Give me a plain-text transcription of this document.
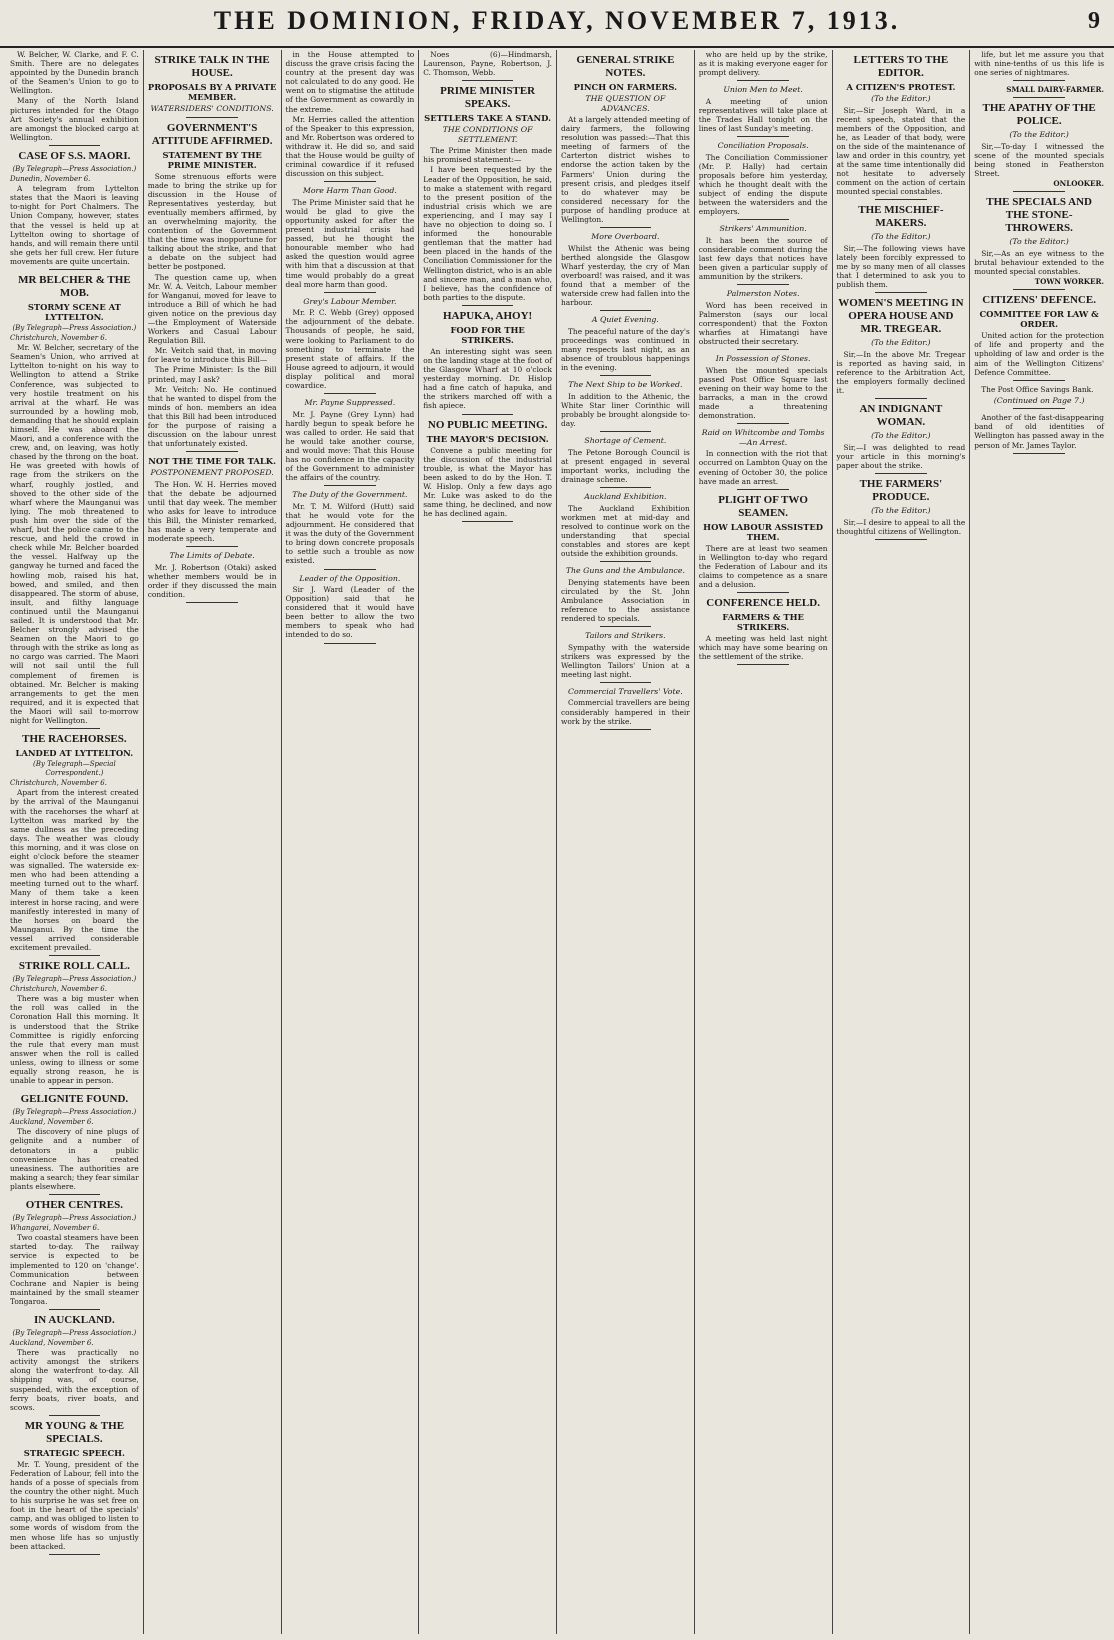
THE DOMINION, FRIDAY, NOVEMBER 7, 1913.	9

W. Belcher, W. Clarke, and F. C. Smith. There are no delegates appointed by the Dunedin branch of the Seamen's Union to go to Wellington.

Many of the North Island pictures intended for the Otago Art Society's annual exhibition are amongst the blocked cargo at Wellington.

CASE OF S.S. MAORI.
(By Telegraph—Press Association.)
Dunedin, November 6.

A telegram from Lyttelton states that the Maori is leaving to-night for Port Chalmers. The Union Company, however, states that the vessel is held up at Lyttelton owing to shortage of hands, and will remain there until she gets her full crew. Her future movements are quite uncertain.

MR BELCHER & THE MOB.
STORMY SCENE AT LYTTELTON.
(By Telegraph—Press Association.)
Christchurch, November 6.

Mr. W. Belcher, secretary of the Seamen's Union, who arrived at Lyttelton to-night on his way to Wellington to attend a Strike Conference, was subjected to very hostile treatment on his arrival at the wharf. He was surrounded by a howling mob, demanding that he should explain himself. He was aboard the Maori, and a conference with the crew, and, on leaving, was hotly chased by the throng on the boat. He was greeted with howls of rage from the strikers on the wharf, roughly jostled, and shoved to the other side of the wharf where the Maunganui was lying. The mob threatened to push him over the side of the wharf, but the police came to the rescue, and held the crowd in check while Mr. Belcher boarded the vessel. Halfway up the gangway he turned and faced the howling mob, raised his hat, bowed, and smiled, and then disappeared. The storm of abuse, insult, and filthy language continued until the Maunganui sailed. It is understood that Mr. Belcher strongly advised the Seamen on the Maori to go through with the strike as long as no cargo was carried. The Maori will not sail until the full complement of firemen is obtained. Mr. Belcher is making arrangements to get the men required, and it is expected that the Maori will sail to-morrow night for Wellington.

THE RACEHORSES.
LANDED AT LYTTELTON.
(By Telegraph—Special Correspondent.)
Christchurch, November 6.

Apart from the interest created by the arrival of the Maunganui with the racehorses the wharf at Lyttelton was marked by the same dullness as the preceding days. The weather was cloudy this morning, and it was close on eight o'clock before the steamer was signalled. The waterside ex-men who had been attending a meeting turned out to the wharf. Many of them take a keen interest in horse racing, and were manifestly interested in many of the horses on board the Maunganui. By the time the vessel arrived considerable excitement prevailed.

STRIKE ROLL CALL.
(By Telegraph—Press Association.)
Christchurch, November 6.

There was a big muster when the roll was called in the Coronation Hall this morning. It is understood that the Strike Committee is rigidly enforcing the rule that every man must answer when the roll is called unless, owing to illness or some equally strong reason, he is unable to appear in person.

GELIGNITE FOUND.
(By Telegraph—Press Association.)
Auckland, November 6.

The discovery of nine plugs of gelignite and a number of detonators in a public convenience has created uneasiness. The authorities are making a search; they fear similar plants elsewhere.

OTHER CENTRES.
(By Telegraph—Press Association.)
Whangarei, November 6.

Two coastal steamers have been started to-day. The railway service is expected to be implemented to 120 on 'change'. Communication between Cochrane and Napier is being maintained by the small steamer Tongaroa.

IN AUCKLAND.
(By Telegraph—Press Association.)
Auckland, November 6.

There was practically no activity amongst the strikers along the waterfront to-day. All shipping was, of course, suspended, with the exception of ferry boats, river boats, and scows.

MR YOUNG & THE SPECIALS.
STRATEGIC SPEECH.

Mr. T. Young, president of the Federation of Labour, fell into the hands of a posse of specials from the country the other night. Much to his surprise he was set free on foot in the heart of the specials' camp, and was obliged to listen to some words of wisdom from the men whose life has so unjustly been attacked.

STRIKE TALK IN THE HOUSE.
PROPOSALS BY A PRIVATE MEMBER.
WATERSIDERS' CONDITIONS.
GOVERNMENT'S ATTITUDE AFFIRMED.
STATEMENT BY THE PRIME MINISTER.

Some strenuous efforts were made to bring the strike up for discussion in the House of Representatives yesterday, but eventually members affirmed, by an overwhelming majority, the contention of the Government that the time was inopportune for talking about the strike, and that a debate on the subject had better be postponed.

The question came up, when Mr. W. A. Veitch, Labour member for Wanganui, moved for leave to introduce a Bill of which he had given notice on the previous day—the Employment of Waterside Workers and Casual Labour Regulation Bill.

Mr. Veitch said that, in moving for leave to introduce this Bill—

The Prime Minister: Is the Bill printed, may I ask?

Mr. Veitch: No. He continued that he wanted to dispel from the minds of hon. members an idea that this Bill had been introduced for the purpose of raising a discussion on the labour unrest that unfortunately existed.

NOT THE TIME FOR TALK.
POSTPONEMENT PROPOSED.

The Hon. W. H. Herries moved that the debate be adjourned until that day week. The member who asks for leave to introduce this Bill, the Minister remarked, has made a very temperate and moderate speech.

The Limits of Debate.

Mr. J. Robertson (Otaki) asked whether members would be in order if they discussed the main condition.

in the House attempted to discuss the grave crisis facing the country at the present day was not calculated to do any good. He went on to stigmatise the attitude of the Government as cowardly in the extreme.

Mr. Herries called the attention of the Speaker to this expression, and Mr. Robertson was ordered to withdraw it. He did so, and said that the House would be guilty of criminal cowardice if it refused discussion on this subject.

More Harm Than Good.

The Prime Minister said that he would be glad to give the opportunity asked for after the present industrial crisis had passed, but he thought the honourable member who had asked the question would agree with him that a discussion at that time would probably do a great deal more harm than good.

Grey's Labour Member.

Mr. P. C. Webb (Grey) opposed the adjournment of the debate. Thousands of people, he said, were looking to Parliament to do something to terminate the present state of affairs. If the House agreed to adjourn, it would display political and moral cowardice.

Mr. Payne Suppressed.

Mr. J. Payne (Grey Lynn) had hardly begun to speak before he was called to order. He said that he would take another course, and would move: That this House has no confidence in the capacity of the Government to administer the affairs of the country.

The Duty of the Government.

Mr. T. M. Wilford (Hutt) said that he would vote for the adjournment. He considered that it was the duty of the Government to bring down concrete proposals to settle such a trouble as now existed.

Leader of the Opposition.

Sir J. Ward (Leader of the Opposition) said that he considered that it would have been better to allow the two members to speak who had intended to do so.

Noes (6)—Hindmarsh, Laurenson, Payne, Robertson, J. C. Thomson, Webb.

PRIME MINISTER SPEAKS.
SETTLERS TAKE A STAND.
THE CONDITIONS OF SETTLEMENT.

The Prime Minister then made his promised statement:—

I have been requested by the Leader of the Opposition, he said, to make a statement with regard to the present position of the industrial crisis which we are experiencing, and I may say I have no objection to doing so. I informed the honourable gentleman that the matter had been placed in the hands of the Conciliation Commissioner for the Wellington district, who is an able and sincere man, and a man who, I believe, has the confidence of both parties to the dispute.

HAPUKA, AHOY!
FOOD FOR THE STRIKERS.

An interesting sight was seen on the landing stage at the foot of the Glasgow Wharf at 10 o'clock yesterday morning. Dr. Hislop had a fine catch of hapuka, and the strikers marched off with a fish apiece.

NO PUBLIC MEETING.
THE MAYOR'S DECISION.

Convene a public meeting for the discussion of the industrial trouble, is what the Mayor has been asked to do by the Hon. T. W. Hislop. Only a few days ago Mr. Luke was asked to do the same thing, he declined, and now he has declined again.

GENERAL STRIKE NOTES.
PINCH ON FARMERS.
THE QUESTION OF ADVANCES.

At a largely attended meeting of dairy farmers, the following resolution was passed:—That this meeting of farmers of the Carterton district wishes to endorse the action taken by the Farmers' Union during the present crisis, and pledges itself to do whatever may be considered necessary for the purpose of handling produce at Wellington.

More Overboard.

Whilst the Athenic was being berthed alongside the Glasgow Wharf yesterday, the cry of Man overboard! was raised, and it was found that a member of the waterside crew had fallen into the harbour.

A Quiet Evening.

The peaceful nature of the day's proceedings was continued in many respects last night, as an absence of troublous happenings in the evening.

The Next Ship to be Worked.

In addition to the Athenic, the White Star liner Corinthic will probably be brought alongside to-day.

Shortage of Cement.

The Petone Borough Council is at present engaged in several important works, including the drainage scheme.

Auckland Exhibition.

The Auckland Exhibition workmen met at mid-day and resolved to continue work on the understanding that special constables and stores are kept outside the exhibition grounds.

The Guns and the Ambulance.

Denying statements have been circulated by the St. John Ambulance Association in reference to the assistance rendered to specials.

Tailors and Strikers.

Sympathy with the waterside strikers was expressed by the Wellington Tailors' Union at a meeting last night.

Commercial Travellers' Vote.

Commercial travellers are being considerably hampered in their work by the strike.

who are held up by the strike, as it is making everyone eager for prompt delivery.

Union Men to Meet.

A meeting of union representatives will take place at the Trades Hall tonight on the lines of last Sunday's meeting.

Conciliation Proposals.

The Conciliation Commissioner (Mr. P. Hally) had certain proposals before him yesterday, which he thought dealt with the subject of ending the dispute between the watersiders and the employers.

Strikers' Ammunition.

It has been the source of considerable comment during the last few days that notices have been given a particular supply of ammunition by the strikers.

Palmerston Notes.

Word has been received in Palmerston (says our local correspondent) that the Foxton wharfies at Himatangi have obstructed their secretary.

In Possession of Stones.

When the mounted specials passed Post Office Square last evening on their way home to the barracks, a man in the crowd made a threatening demonstration.

Raid on Whitcombe and Tombs—An Arrest.

In connection with the riot that occurred on Lambton Quay on the evening of October 30, the police have made an arrest.

PLIGHT OF TWO SEAMEN.
HOW LABOUR ASSISTED THEM.

There are at least two seamen in Wellington to-day who regard the Federation of Labour and its claims to competence as a snare and a delusion.

CONFERENCE HELD.
FARMERS & THE STRIKERS.

A meeting was held last night which may have some bearing on the settlement of the strike.

LETTERS TO THE EDITOR.
A CITIZEN'S PROTEST.
(To the Editor.)

Sir,—Sir Joseph Ward, in a recent speech, stated that the members of the Opposition, and he, as Leader of that body, were on the side of the maintenance of law and order in this country, yet at the same time intentionally did not hesitate to adversely comment on the action of certain mounted special constables.

THE MISCHIEF-MAKERS.
(To the Editor.)

Sir,—The following views have lately been forcibly expressed to me by so many men of all classes that I determined to ask you to publish them.

WOMEN'S MEETING IN OPERA HOUSE AND MR. TREGEAR.
(To the Editor.)

Sir,—In the above Mr. Tregear is reported as having said, in reference to the Arbitration Act, the employers formally declined it.

AN INDIGNANT WOMAN.
(To the Editor.)

Sir,—I was delighted to read your article in this morning's paper about the strike.

THE FARMERS' PRODUCE.
(To the Editor.)

Sir,—I desire to appeal to all the thoughtful citizens of Wellington.

life, but let me assure you that with nine-tenths of us this life is one series of nightmares.

SMALL DAIRY-FARMER.
THE APATHY OF THE POLICE.
(To the Editor.)

Sir,—To-day I witnessed the scene of the mounted specials being stoned in Featherston Street.

ONLOOKER.
THE SPECIALS AND THE STONE-THROWERS.
(To the Editor.)

Sir,—As an eye witness to the brutal behaviour extended to the mounted special constables.

TOWN WORKER.
CITIZENS' DEFENCE.
COMMITTEE FOR LAW & ORDER.

United action for the protection of life and property and the upholding of law and order is the aim of the Wellington Citizens' Defence Committee.

The Post Office Savings Bank.

(Continued on Page 7.)

Another of the fast-disappearing band of old identities of Wellington has passed away in the person of Mr. James Taylor.
